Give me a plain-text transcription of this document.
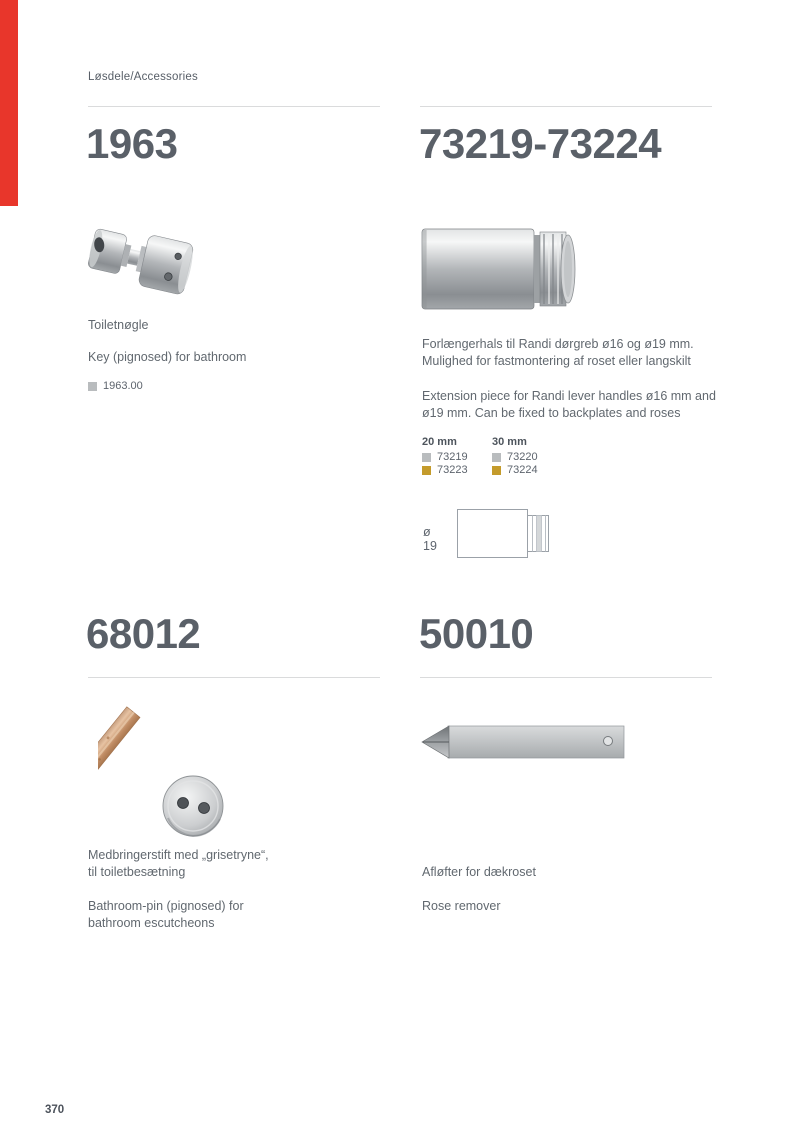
Løsdele/Accessories
1963
Toiletnøgle
Key (pignosed) for bathroom
1963.00
73219-73224
Forlængerhals til Randi dørgreb ø16 og ø19 mm.
Mulighed for fastmontering af roset eller langskilt
Extension piece for Randi lever handles ø16 mm and
ø19 mm. Can be fixed to backplates and roses
20 mm
73219
73223
30 mm
73220
73224
ø 19
68012
Medbringerstift med „grisetryne“,
til toiletbesætning
Bathroom-pin (pignosed) for
bathroom escutcheons
50010
Afløfter for dækroset
Rose remover
370
